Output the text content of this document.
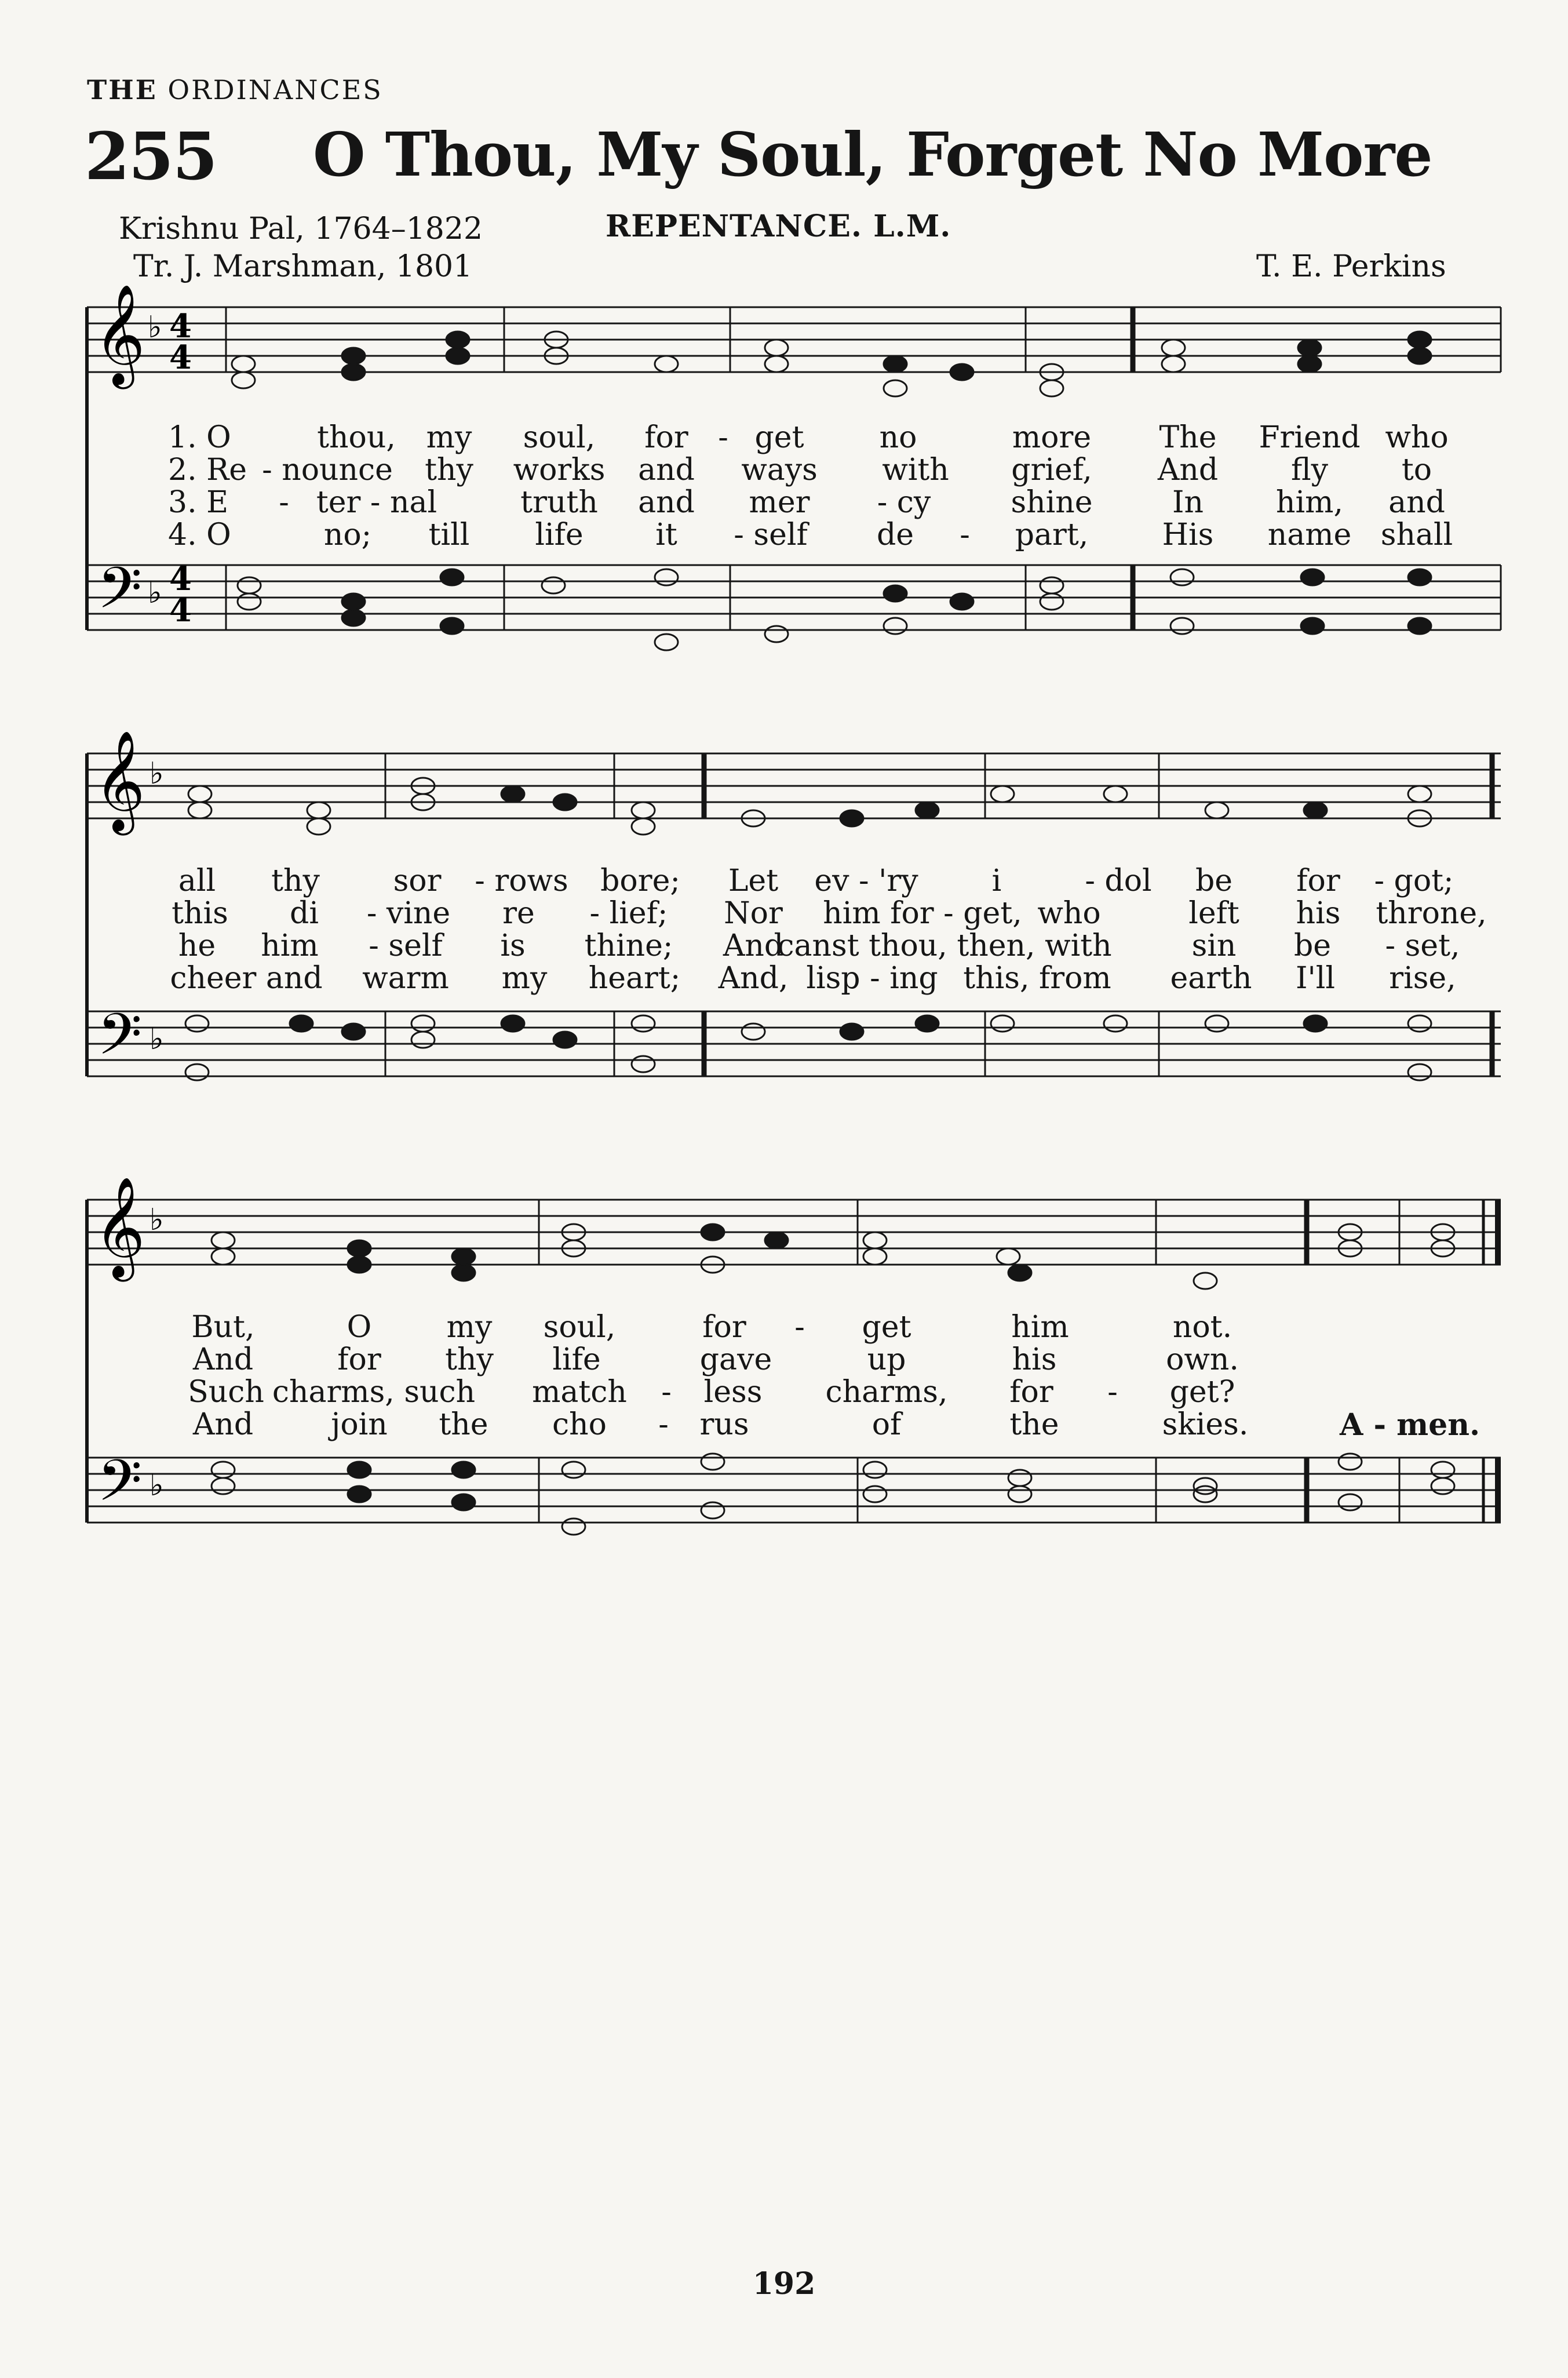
THE ORDINANCES
255 O Thou, My Soul, Forget No More
Krishnu Pal, 1764–1822
Tr. J. Marshman, 1801
REPENTANCE. L.M.
T. E. Perkins
𝄞
𝄢
♭
♭
4
4
4
4
1. O	thou, my soul, for - get	no	more The Friend who
2. Re - nounce thy works and ways with grief, And fly to
3. E - ter - nal	truth and mer - cy	shine	In him, and
4. O	no; till life it - self de - part, His name shall
𝄞
𝄢
♭
♭
all thy sor - rows bore; Let ev - 'ry i	- dol be for - got;
this di - vine re - lief; Nor him for - get, who	left his throne,
he him - self is thine; And
canst thou, then, with	sin be - set,
cheer and warm my heart; And, lisp - ing this, from earth I'll rise,
𝄞
𝄢
♭
♭
But,	O my soul,	for - get	him	not.
And	for thy life	gave	up	his	own.
Such charms, such match - less charms, for - get?
And	join the cho - rus	of	the	skies.	A - men.
192
